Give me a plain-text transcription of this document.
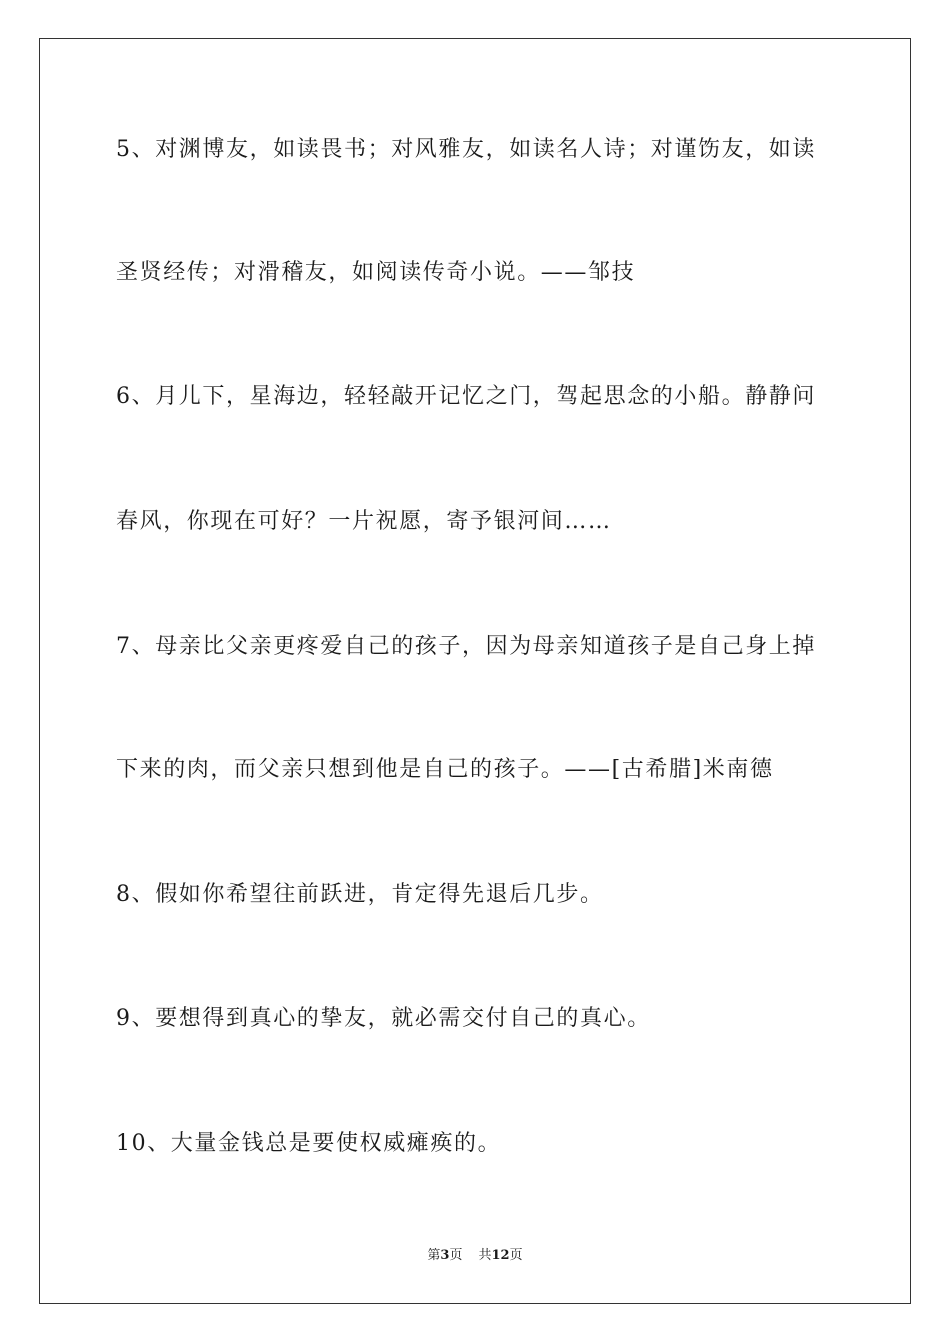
5、对渊博友，如读畏书；对风雅友，如读名人诗；对谨饬友，如读
圣贤经传；对滑稽友，如阅读传奇小说。——邹技
6、月儿下，星海边，轻轻敲开记忆之门，驾起思念的小船。静静问
春风，你现在可好？一片祝愿，寄予银河间……
7、母亲比父亲更疼爱自己的孩子，因为母亲知道孩子是自己身上掉
下来的肉，而父亲只想到他是自己的孩子。——[古希腊]米南德
8、假如你希望往前跃进，肯定得先退后几步。
9、要想得到真心的挚友，就必需交付自己的真心。
10、大量金钱总是要使权威瘫痪的。
第3页 共12页
